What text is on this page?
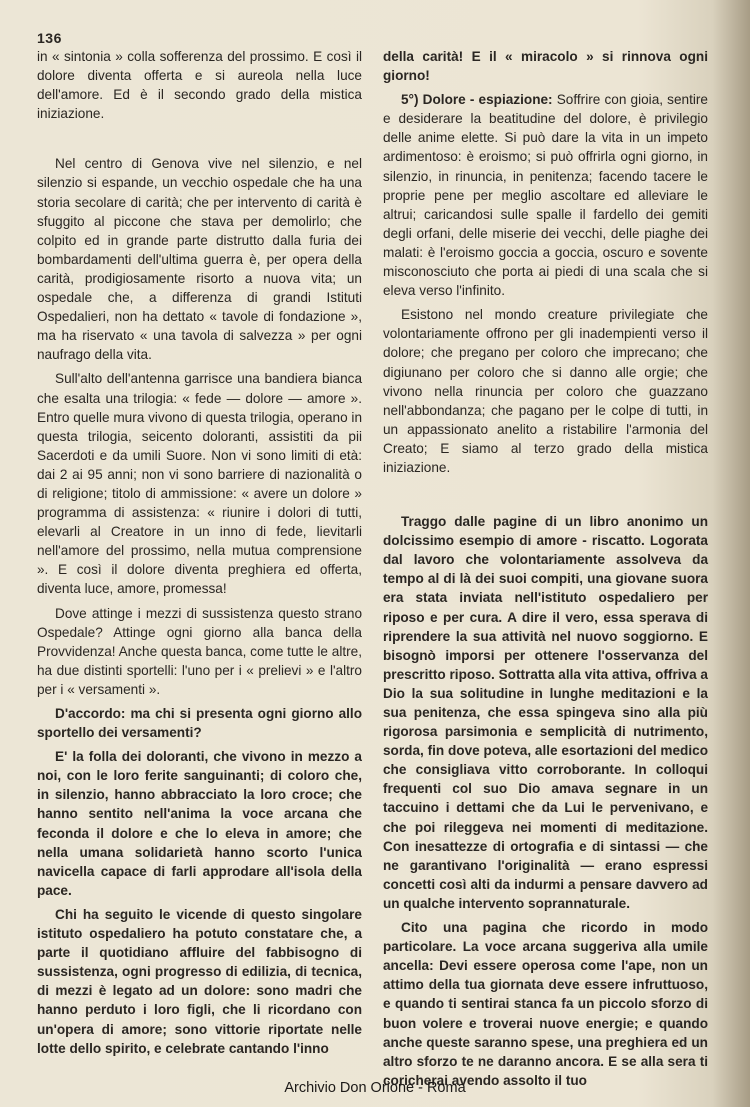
136

in « sintonia » colla sofferenza del prossimo. E così il dolore diventa offerta e si aureola nella luce dell'amore. Ed è il secondo grado della mistica iniziazione.

Nel centro di Genova vive nel silenzio, e nel silenzio si espande, un vecchio ospedale che ha una storia secolare di carità; che per intervento di carità è sfuggito al piccone che stava per demolirlo; che colpito ed in grande parte distrutto dalla furia dei bombardamenti dell'ultima guerra è, per opera della carità, prodigiosamente risorto a nuova vita; un ospedale che, a differenza di grandi Istituti Ospedalieri, non ha dettato « tavole di fondazione », ma ha riservato « una tavola di salvezza » per ogni naufrago della vita.

Sull'alto dell'antenna garrisce una bandiera bianca che esalta una trilogia: « fede — dolore — amore ». Entro quelle mura vivono di questa trilogia, operano in questa trilogia, seicento doloranti, assistiti da pii Sacerdoti e da umili Suore. Non vi sono limiti di età: dai 2 ai 95 anni; non vi sono barriere di nazionalità o di religione; titolo di ammissione: « avere un dolore » programma di assistenza: « riunire i dolori di tutti, elevarli al Creatore in un inno di fede, lievitarli nell'amore del prossimo, nella mutua comprensione ». E così il dolore diventa preghiera ed offerta, diventa luce, amore, promessa!

Dove attinge i mezzi di sussistenza questo strano Ospedale? Attinge ogni giorno alla banca della Provvidenza! Anche questa banca, come tutte le altre, ha due distinti sportelli: l'uno per i « prelievi » e l'altro per i « versamenti ».

D'accordo: ma chi si presenta ogni giorno allo sportello dei versamenti?

E' la folla dei doloranti, che vivono in mezzo a noi, con le loro ferite sanguinanti; di coloro che, in silenzio, hanno abbracciato la loro croce; che hanno sentito nell'anima la voce arcana che feconda il dolore e che lo eleva in amore; che nella umana solidarietà hanno scorto l'unica navicella capace di farli approdare all'isola della pace.

Chi ha seguito le vicende di questo singolare istituto ospedaliero ha potuto constatare che, a parte il quotidiano affluire del fabbisogno di sussistenza, ogni progresso di edilizia, di tecnica, di mezzi è legato ad un dolore: sono madri che hanno perduto i loro figli, che li ricordano con un'opera di amore; sono vittorie riportate nelle lotte dello spirito, e celebrate cantando l'inno

della carità! E il « miracolo » si rinnova ogni giorno!

5°) Dolore - espiazione: Soffrire con gioia, sentire e desiderare la beatitudine del dolore, è privilegio delle anime elette. Si può dare la vita in un impeto ardimentoso: è eroismo; si può offrirla ogni giorno, in silenzio, in rinuncia, in penitenza; facendo tacere le proprie pene per meglio ascoltare ed alleviare le altrui; caricandosi sulle spalle il fardello dei gemiti degli orfani, delle miserie dei vecchi, delle piaghe dei malati: è l'eroismo goccia a goccia, oscuro e sovente misconosciuto che porta ai piedi di una scala che si eleva verso l'infinito.

Esistono nel mondo creature privilegiate che volontariamente offrono per gli inadempienti verso il dolore; che pregano per coloro che imprecano; che digiunano per coloro che si danno alle orgie; che vivono nella rinuncia per coloro che guazzano nell'abbondanza; che pagano per le colpe di tutti, in un appassionato anelito a ristabilire l'armonia del Creato; E siamo al terzo grado della mistica iniziazione.

Traggo dalle pagine di un libro anonimo un dolcissimo esempio di amore - riscatto. Logorata dal lavoro che volontariamente assolveva da tempo al di là dei suoi compiti, una giovane suora era stata inviata nell'istituto ospedaliero per riposo e per cura. A dire il vero, essa sperava di riprendere la sua attività nel nuovo soggiorno. E bisognò imporsi per ottenere l'osservanza del prescritto riposo. Sottratta alla vita attiva, offriva a Dio la sua solitudine in lunghe meditazioni e la sua penitenza, che essa spingeva sino alla più rigorosa parsimonia e semplicità di nutrimento, sorda, fin dove poteva, alle esortazioni del medico che consigliava vitto corroborante. In colloqui frequenti col suo Dio amava segnare in un taccuino i dettami che da Lui le pervenivano, e che poi rileggeva nei momenti di meditazione. Con inesattezze di ortografia e di sintassi — che ne garantivano l'originalità — erano espressi concetti così alti da indurmi a pensare davvero ad un qualche intervento soprannaturale.

Cito una pagina che ricordo in modo particolare. La voce arcana suggeriva alla umile ancella: Devi essere operosa come l'ape, non un attimo della tua giornata deve essere infruttuoso, e quando ti sentirai stanca fa un piccolo sforzo di buon volere e troverai nuove energie; e quando anche queste saranno spese, una preghiera ed un altro sforzo te ne daranno ancora. E se alla sera ti coricherai avendo assolto il tuo

Archivio Don Orione - Roma
